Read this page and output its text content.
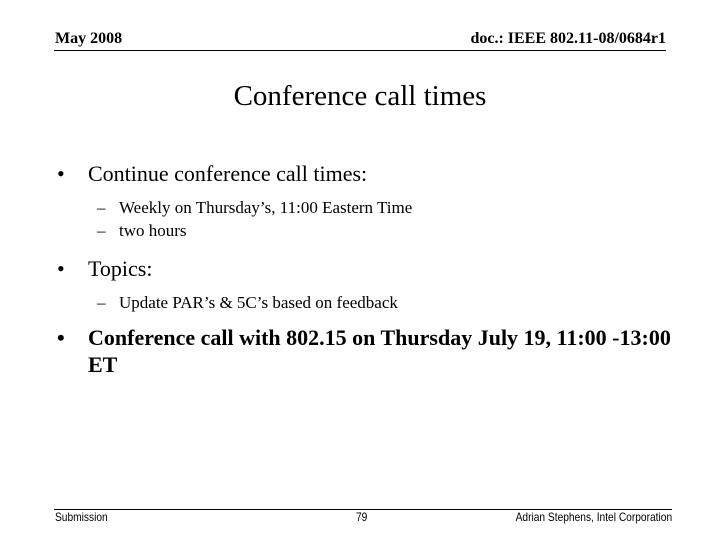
May 2008	doc.: IEEE 802.11-08/0684r1
Conference call times
• Continue conference call times:
– Weekly on Thursday’s, 11:00 Eastern Time
– two hours
• Topics:
– Update PAR’s & 5C’s based on feedback
• Conference call with 802.15 on Thursday July 19, 11:00 -13:00 ET
Submission	79	Adrian Stephens, Intel Corporation
